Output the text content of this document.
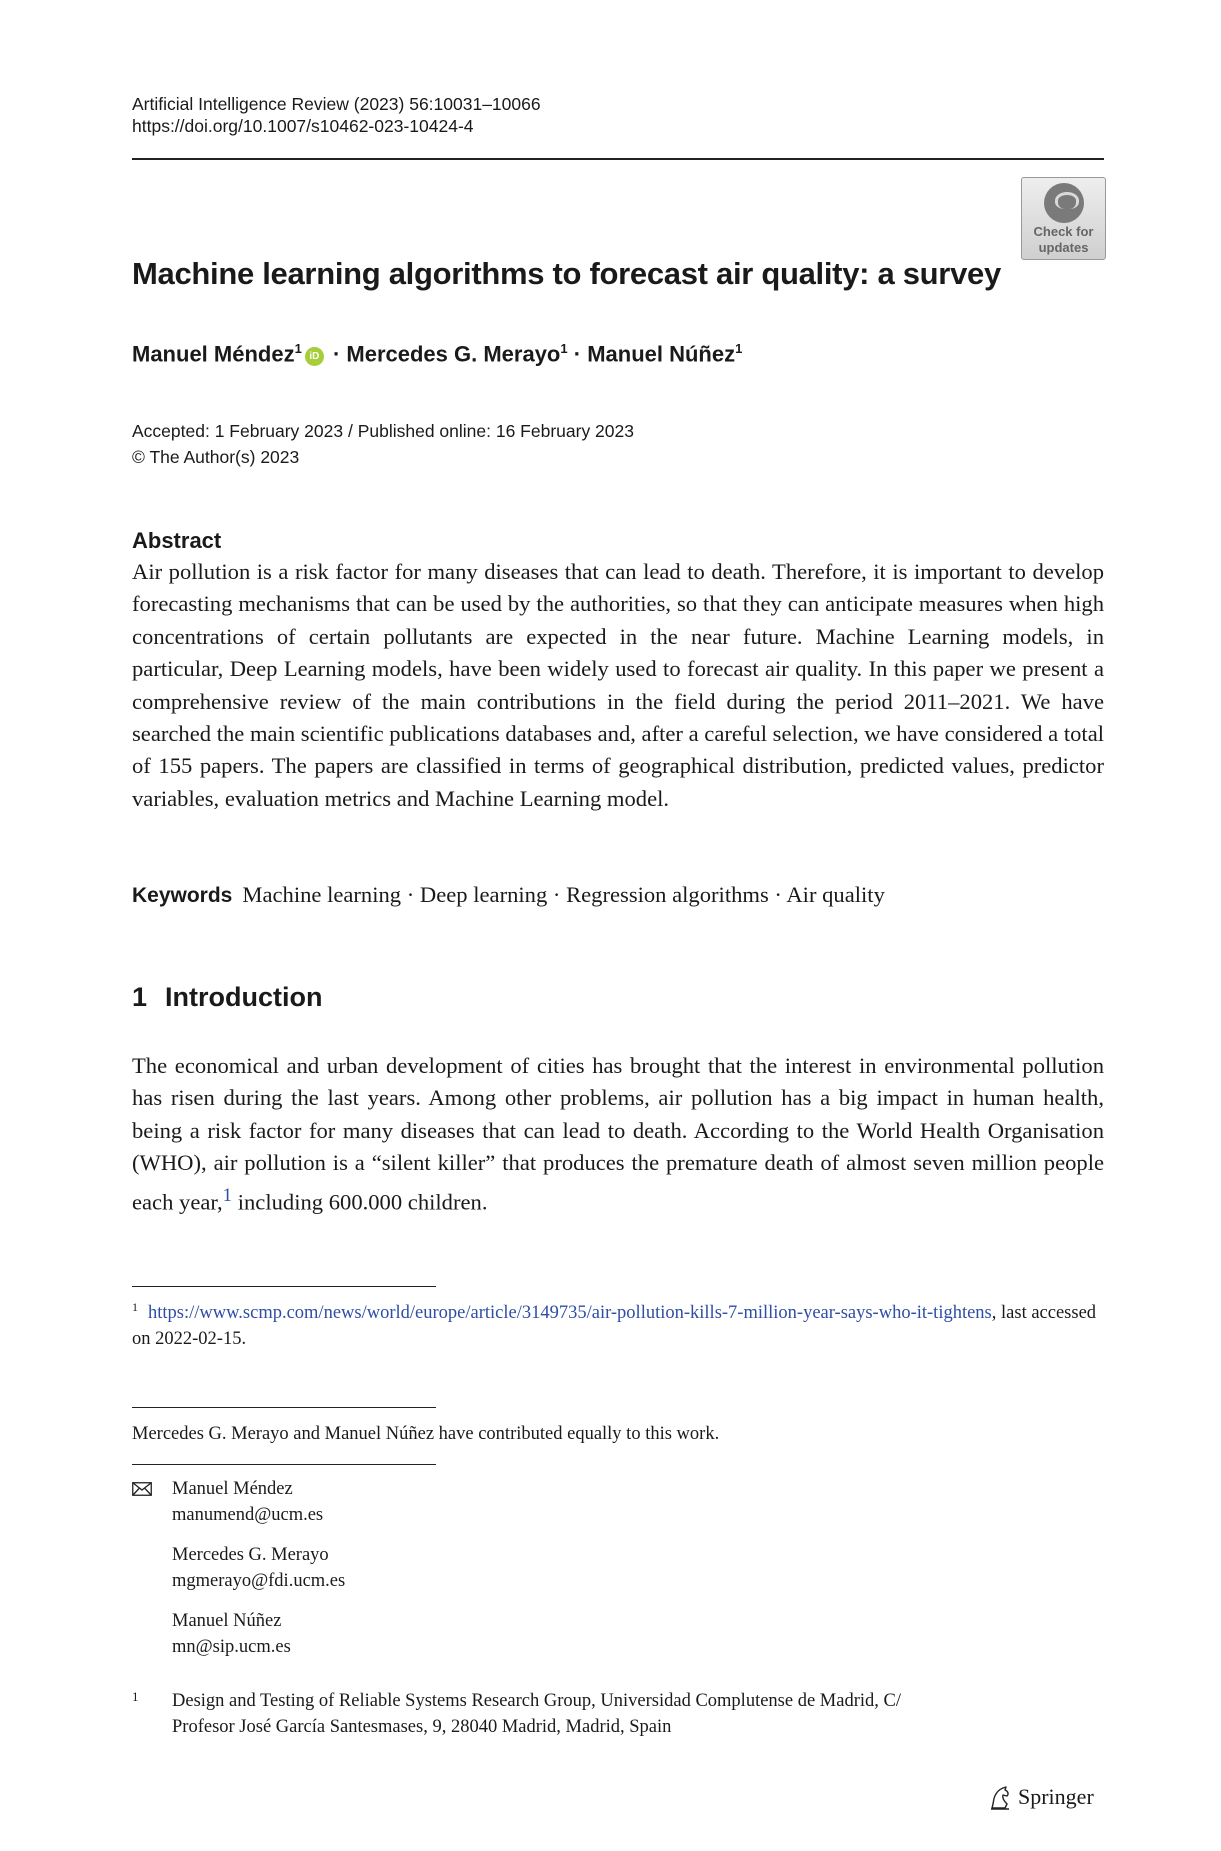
Artificial Intelligence Review (2023) 56:10031–10066
https://doi.org/10.1007/s10462-023-10424-4
Check for
updates
Machine learning algorithms to forecast air quality: a survey
Manuel Méndez$^1$iD · Mercedes G. Merayo$^1$ · Manuel Núñez$^1$
Accepted: 1 February 2023 / Published online: 16 February 2023
© The Author(s) 2023
Abstract
Air pollution is a risk factor for many diseases that can lead to death. Therefore, it is important to develop forecasting mechanisms that can be used by the authorities, so that they can anticipate measures when high concentrations of certain pollutants are expected in the near future. Machine Learning models, in particular, Deep Learning models, have been widely used to forecast air quality. In this paper we present a comprehensive review of the main contributions in the field during the period 2011–2021. We have searched the main scientific publications databases and, after a careful selection, we have considered a total of 155 papers. The papers are classified in terms of geographical distribution, predicted values, predictor variables, evaluation metrics and Machine Learning model.
Keywords Machine learning · Deep learning · Regression algorithms · Air quality
1 Introduction
The economical and urban development of cities has brought that the interest in environmental pollution has risen during the last years. Among other problems, air pollution has a big impact in human health, being a risk factor for many diseases that can lead to death. According to the World Health Organisation (WHO), air pollution is a “silent killer” that produces the premature death of almost seven million people each year,$^1$ including 600.000 children.
$^1$ https://www.scmp.com/news/world/europe/article/3149735/air-pollution-kills-7-million-year-says-who-it-tightens, last accessed on 2022-02-15.
Mercedes G. Merayo and Manuel Núñez have contributed equally to this work.
Manuel Méndez
manumend@ucm.es
Mercedes G. Merayo
mgmerayo@fdi.ucm.es
Manuel Núñez
mn@sip.ucm.es
1 Design and Testing of Reliable Systems Research Group, Universidad Complutense de Madrid, C/
Profesor José García Santesmases, 9, 28040 Madrid, Madrid, Spain
Springer
